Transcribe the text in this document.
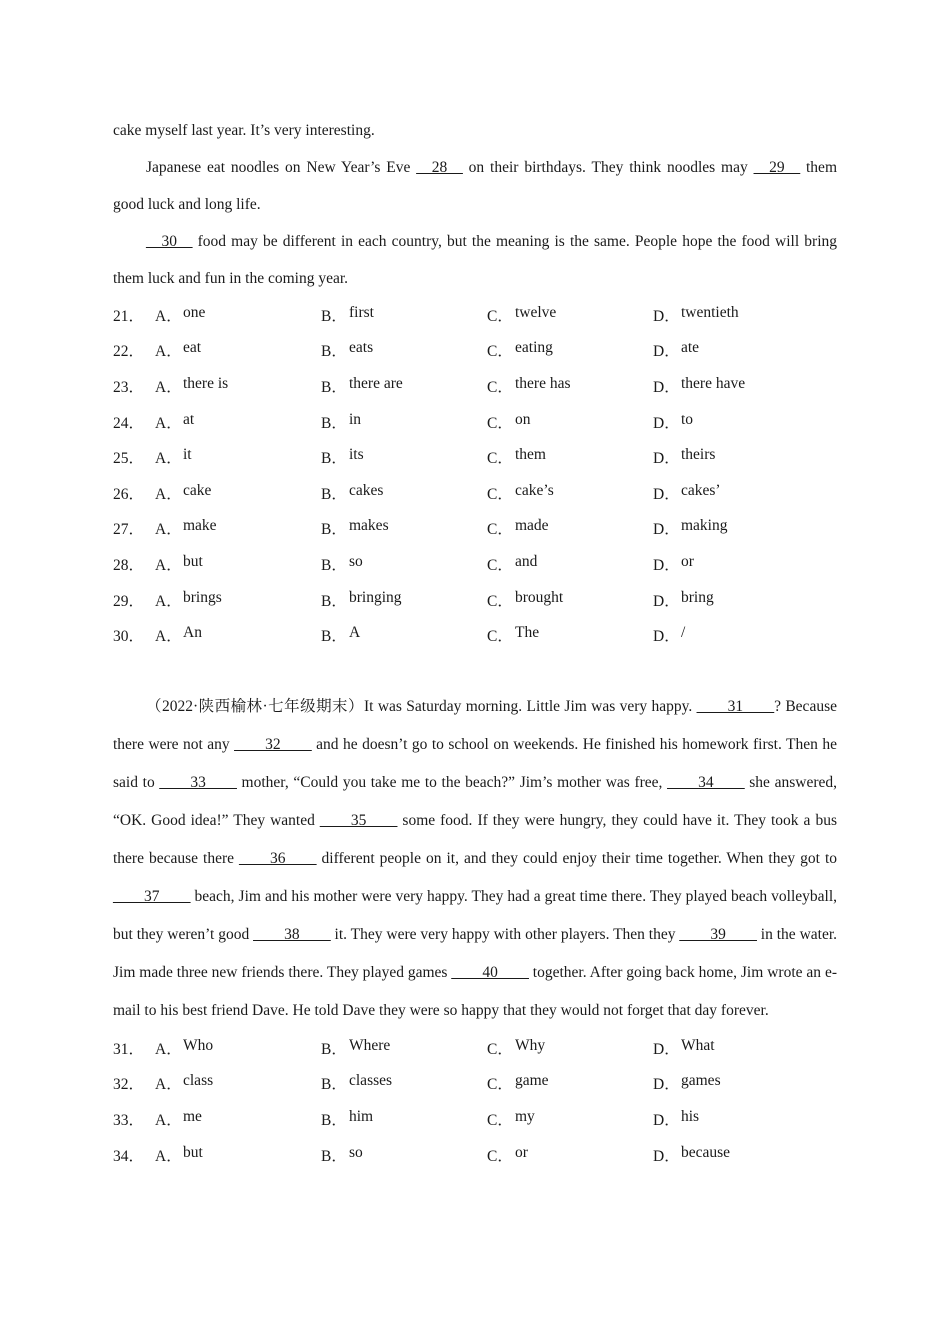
cake myself last year. It’s very interesting.

Japanese eat noodles on New Year’s Eve __28__ on their birthdays. They think noodles may __29__ them good luck and long life.

__30__ food may be different in each country, but the meaning is the same. People hope the food will bring them luck and fun in the coming year.

21． A． one	B． first	C． twelve	D． twentieth
22． A． eat	B． eats	C． eating	D． ate
23． A． there is	B． there are	C． there has	D． there have
24． A． at	B． in	C． on	D． to
25． A． it	B． its	C． them	D． theirs
26． A． cake	B． cakes	C． cake’s	D． cakes’
27． A． make	B． makes	C． made	D． making
28． A． but	B． so	C． and	D． or
29． A． brings	B． bringing	C． brought	D． bring
30． A． An	B． A	C． The	D． /

（2022·陕西榆林·七年级期末）It was Saturday morning. Little Jim was very happy. ____31____? Because there were not any ____32____ and he doesn’t go to school on weekends. He finished his homework first. Then he said to ____33____ mother, “Could you take me to the beach?” Jim’s mother was free, ____34____ she answered, “OK. Good idea!” They wanted ____35____ some food. If they were hungry, they could have it. They took a bus there because there ____36____ different people on it, and they could enjoy their time together. When they got to ____37____ beach, Jim and his mother were very happy. They had a great time there. They played beach volleyball, but they weren’t good ____38____ it. They were very happy with other players. Then they ____39____ in the water. Jim made three new friends there. They played games ____40____ together. After going back home, Jim wrote an e-mail to his best friend Dave. He told Dave they were so happy that they would not forget that day forever.

31． A． Who	B． Where	C． Why	D． What
32． A． class	B． classes	C． game	D． games
33． A． me	B． him	C． my	D． his
34． A． but	B． so	C． or	D． because
